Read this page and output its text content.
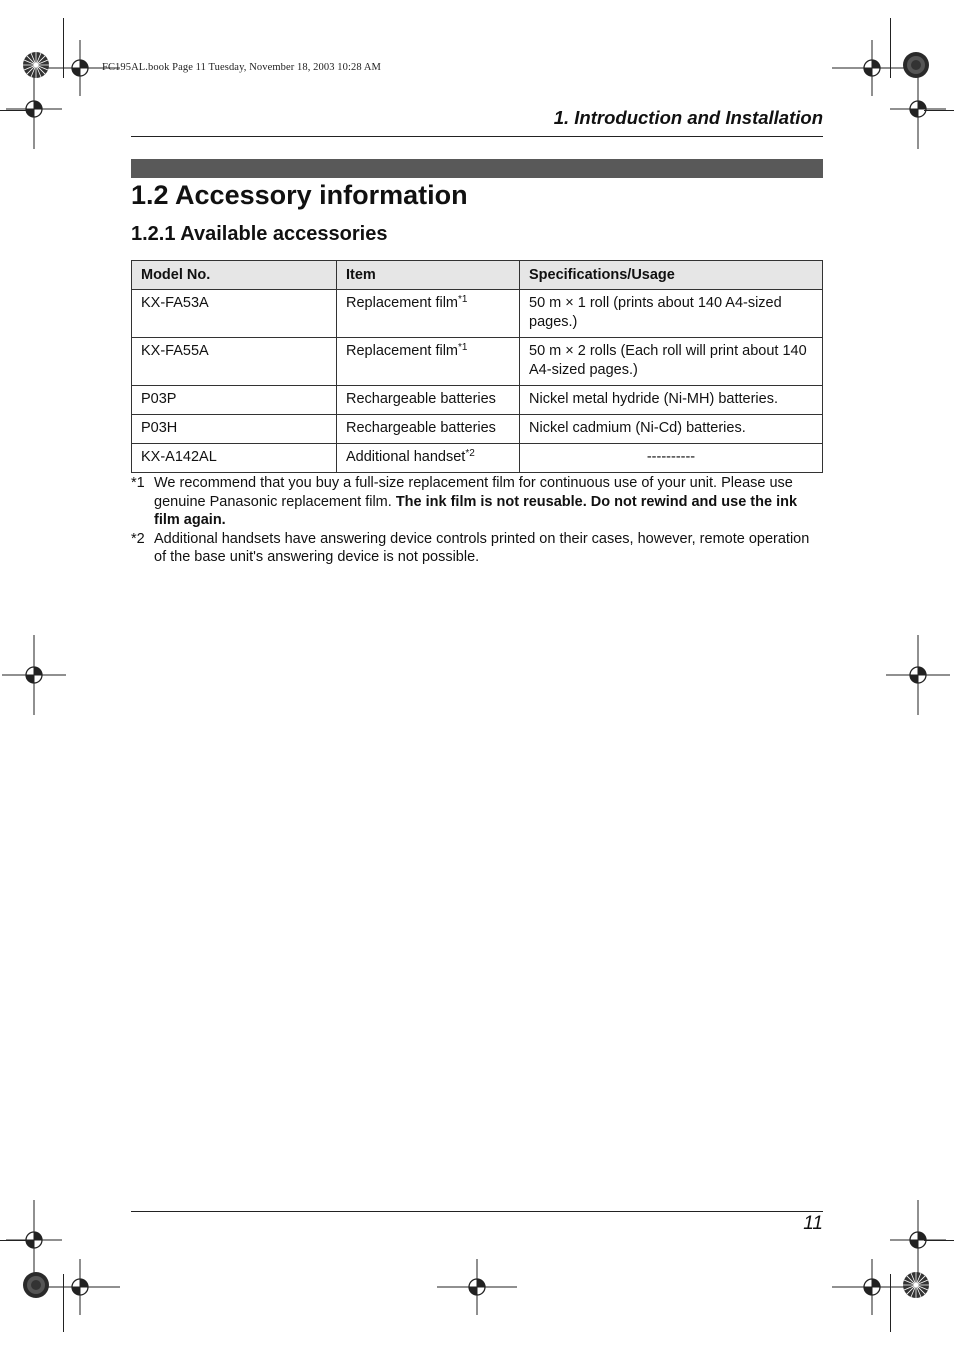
FC195AL.book Page 11 Tuesday, November 18, 2003 10:28 AM
1. Introduction and Installation
1.2 Accessory information
1.2.1 Available accessories
Model No.	Item	Specifications/Usage
KX-FA53A	Replacement film$^{*1}$	50 m × 1 roll (prints about 140 A4-sized pages.)
KX-FA55A	Replacement film$^{*1}$	50 m × 2 rolls (Each roll will print about 140 A4-sized pages.)
P03P	Rechargeable batteries	Nickel metal hydride (Ni-MH) batteries.
P03H	Rechargeable batteries	Nickel cadmium (Ni-Cd) batteries.
KX-A142AL	Additional handset$^{*2}$	----------
*1 We recommend that you buy a full-size replacement film for continuous use of your unit. Please use genuine Panasonic replacement film. The ink film is not reusable. Do not rewind and use the ink film again.
*2 Additional handsets have answering device controls printed on their cases, however, remote operation of the base unit's answering device is not possible.
11
